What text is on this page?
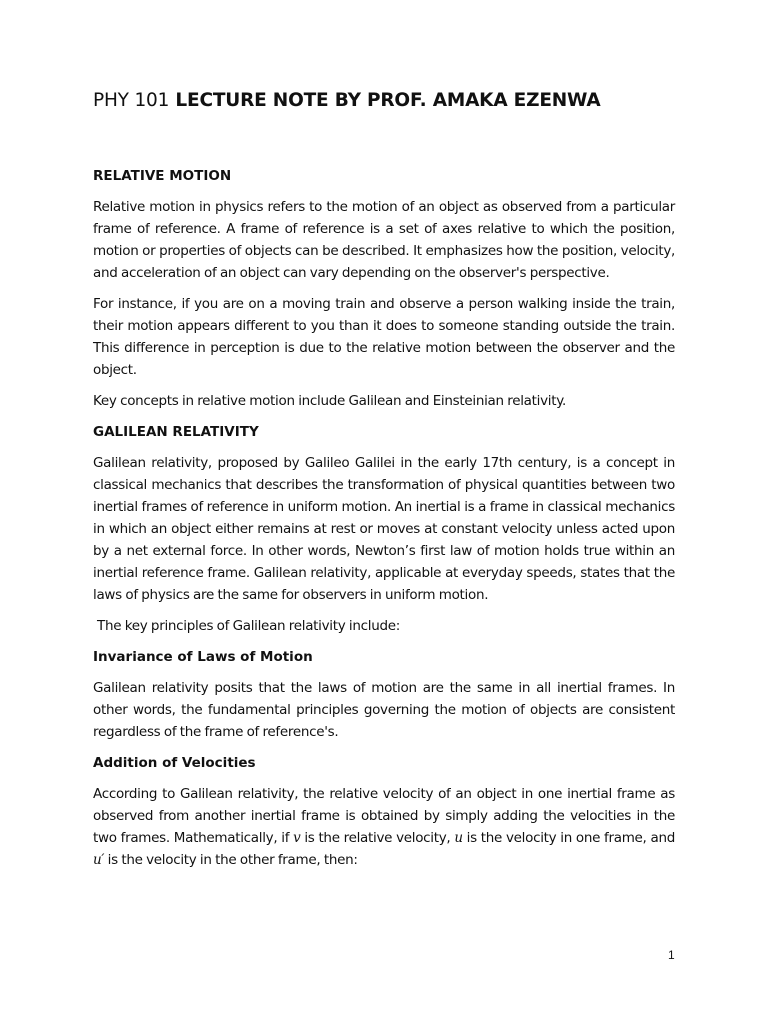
PHY 101 LECTURE NOTE BY PROF. AMAKA EZENWA
RELATIVE MOTION

Relative motion in physics refers to the motion of an object as observed from a particular frame of reference. A frame of reference is a set of axes relative to which the position, motion or properties of objects can be described. It emphasizes how the position, velocity, and acceleration of an object can vary depending on the observer's perspective.

For instance, if you are on a moving train and observe a person walking inside the train, their motion appears different to you than it does to someone standing outside the train. This difference in perception is due to the relative motion between the observer and the object.

Key concepts in relative motion include Galilean and Einsteinian relativity.

GALILEAN RELATIVITY

Galilean relativity, proposed by Galileo Galilei in the early 17th century, is a concept in classical mechanics that describes the transformation of physical quantities between two inertial frames of reference in uniform motion. An inertial is a frame in classical mechanics in which an object either remains at rest or moves at constant velocity unless acted upon by a net external force. In other words, Newton’s first law of motion holds true within an inertial reference frame. Galilean relativity, applicable at everyday speeds, states that the laws of physics are the same for observers in uniform motion.

The key principles of Galilean relativity include:

Invariance of Laws of Motion

Galilean relativity posits that the laws of motion are the same in all inertial frames. In other words, the fundamental principles governing the motion of objects are consistent regardless of the frame of reference's.

Addition of Velocities

According to Galilean relativity, the relative velocity of an object in one inertial frame as observed from another inertial frame is obtained by simply adding the velocities in the two frames. Mathematically, if v is the relative velocity, u is the velocity in one frame, and u′ is the velocity in the other frame, then:

1
